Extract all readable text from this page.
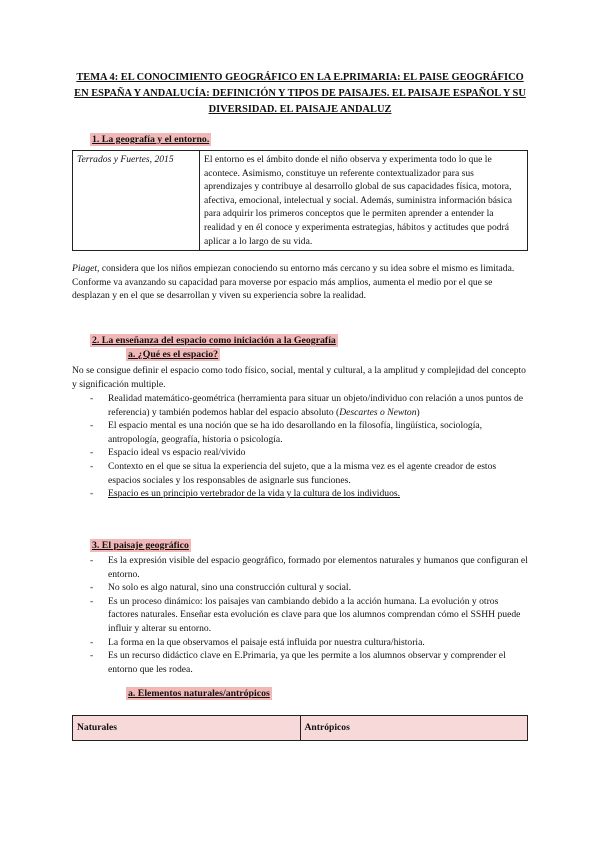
TEMA 4: EL CONOCIMIENTO GEOGRÁFICO EN LA E.PRIMARIA: EL PAISE GEOGRÁFICO EN ESPAÑA Y ANDALUCÍA: DEFINICIÓN Y TIPOS DE PAISAJES. EL PAISAJE ESPAÑOL Y SU DIVERSIDAD. EL PAISAJE ANDALUZ
1. La geografía y el entorno.
Terrados y Fuertes, 2015	El entorno es el ámbito donde el niño observa y experimenta todo lo que le acontece. Asimismo, constituye un referente contextualizador para sus aprendizajes y contribuye al desarrollo global de sus capacidades física, motora, afectiva, emocional, intelectual y social. Además, suministra información básica para adquirir los primeros conceptos que le permiten aprender a entender la realidad y en él conoce y experimenta estrategias, hábitos y actitudes que podrá aplicar a lo largo de su vida.
Piaget, considera que los niños empiezan conociendo su entorno más cercano y su idea sobre el mismo es limitada. Conforme va avanzando su capacidad para moverse por espacio más amplios, aumenta el medio por el que se desplazan y en el que se desarrollan y viven su experiencia sobre la realidad.
2. La enseñanza del espacio como iniciación a la Geografía
a. ¿Qué es el espacio?
No se consigue definir el espacio como todo físico, social, mental y cultural, a la amplitud y complejidad del concepto y significación multiple.
- Realidad matemático-geométrica (herramienta para situar un objeto/individuo con relación a unos puntos de referencia) y también podemos hablar del espacio absoluto (Descartes o Newton)
- El espacio mental es una noción que se ha ido desarollando en la filosofía, lingüística, sociología, antropología, geografía, historia o psicología.
- Espacio ideal vs espacio real/vivido
- Contexto en el que se situa la experiencia del sujeto, que a la misma vez es el agente creador de estos espacios sociales y los responsables de asignarle sus funciones.
- Espacio es un principio vertebrador de la vida y la cultura de los individuos.
3. El paisaje geográfico
- Es la expresión visible del espacio geográfico, formado por elementos naturales y humanos que configuran el entorno.
- No solo es algo natural, sino una construcción cultural y social.
- Es un proceso dinámico: los paisajes van cambiando debido a la acción humana. La evolución y otros factores naturales. Enseñar esta evolución es clave para que los alumnos comprendan cómo el SSHH puede influir y alterar su entorno.
- La forma en la que observamos el paisaje está influida por nuestra cultura/historia.
- Es un recurso didáctico clave en E.Primaria, ya que les permite a los alumnos observar y comprender el entorno que les rodea.
a. Elementos naturales/antrópicos
Naturales	Antrópicos
